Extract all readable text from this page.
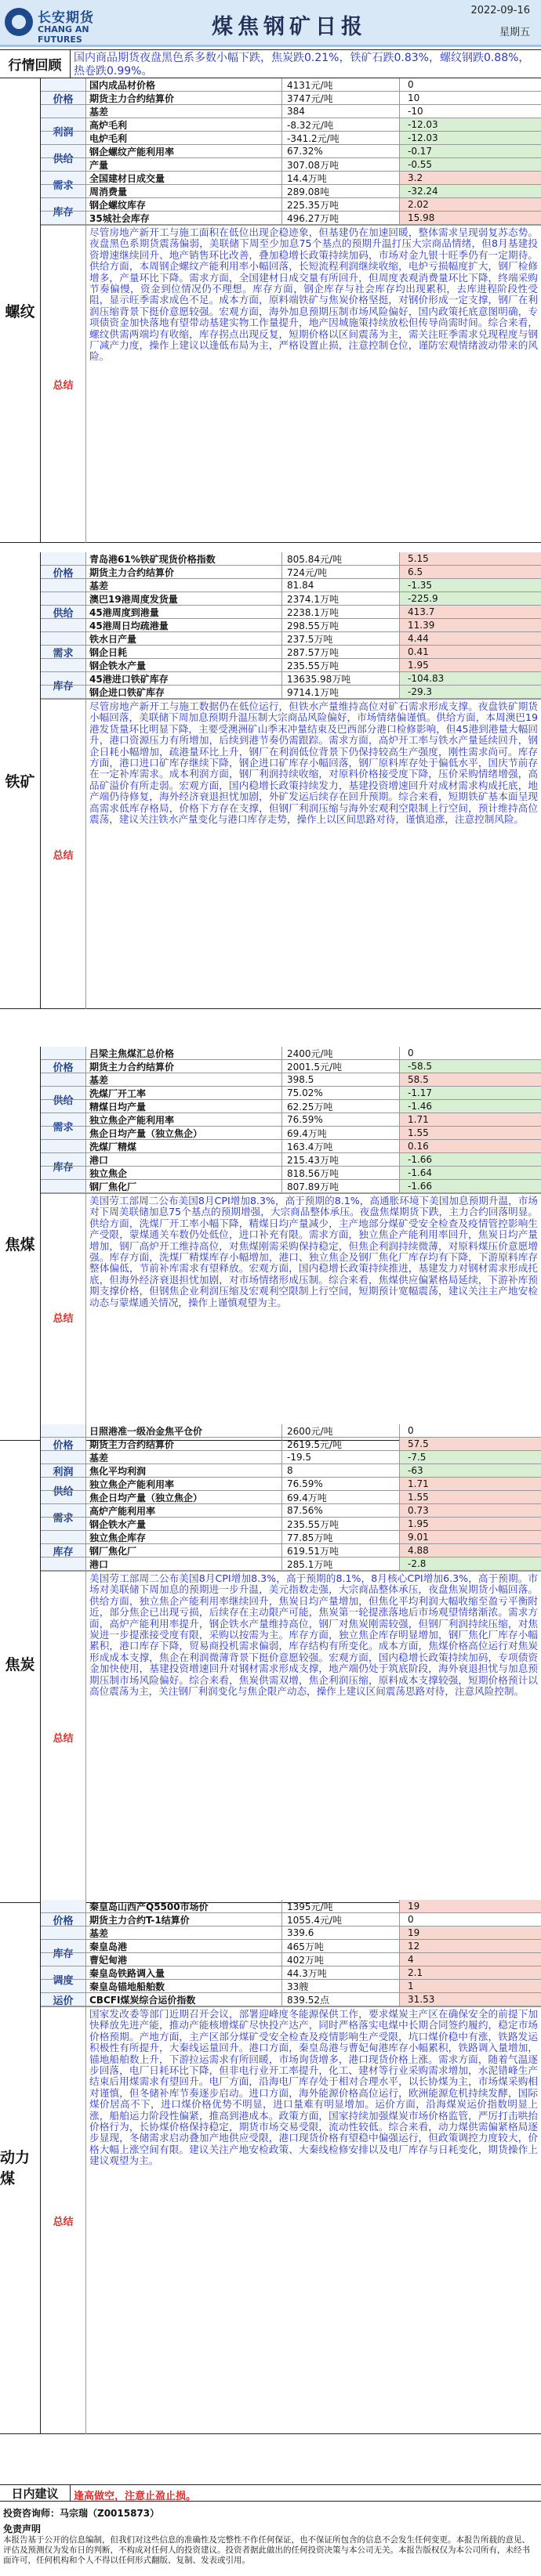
长安期货
CHANG AN FUTURES
煤焦钢矿日报
2022-09-16
星期五
行情回顾	国内商品期货夜盘黑色系多数小幅下跌，焦炭跌0.21%，铁矿石跌0.83%，螺纹钢跌0.88%，热卷跌0.99%。
螺纹
价格
利润
供给
需求
库存
国内成品材价格	4131元/吨	0
期货主力合约结算价	3747元/吨	10
基差	384	-10
高炉毛利	-8.32元/吨	-12.03
电炉毛利	-341.2元/吨	-12.03
钢企螺纹产能利用率	67.32%	-0.17
产量	307.08万吨	-0.55
全国建材日成交量	14.4万吨	3.2
周消费量	289.08吨	-32.24
钢企螺纹库存	225.35万吨	2.02
35城社会库存	496.27万吨	15.98
总结
尽管房地产新开工与施工面积在低位出现企稳迹象，但基建仍在加速回暖，整体需求呈现弱复苏态势。夜盘黑色系期货震荡偏弱，美联储下周至少加息75个基点的预期升温打压大宗商品情绪，但8月基建投资增速继续回升、地产销售环比改善，叠加稳增长政策持续加码，市场对金九银十旺季仍有一定期待。供给方面，本周钢企螺纹产能利用率小幅回落，长短流程利润继续收缩，电炉亏损幅度扩大，钢厂检修增多，产量环比下降。需求方面，全国建材日成交量有所回升，但周度表观消费量环比下降，终端采购节奏偏慢，资金到位情况仍不理想。库存方面，钢企库存与社会库存均出现累积，去库进程阶段性受阻，显示旺季需求成色不足。成本方面，原料端铁矿与焦炭价格坚挺，对钢价形成一定支撑，钢厂在利润压缩背景下挺价意愿较强。宏观方面，海外加息预期压制市场风险偏好，国内政策托底意图明确，专项债资金加快落地有望带动基建实物工作量提升，地产因城施策持续放松但传导尚需时间。综合来看，螺纹供需两端均有收缩，库存拐点出现反复，短期价格以区间震荡为主，需关注旺季需求兑现程度与钢厂减产力度，操作上建议以逢低布局为主，严格设置止损，注意控制仓位，谨防宏观情绪波动带来的风险。
铁矿
价格
供给
需求
库存
青岛港61%铁矿现货价格指数	805.84元/吨	5.15
期货主力合约结算价	724元/吨	6.5
基差	81.84	-1.35
澳巴19港周度发货量	2374.1万吨	-225.9
45港周度到港量	2238.1万吨	413.7
45港周日均疏港量	298.55万吨	11.39
铁水日产量	237.5万吨	4.44
钢企日耗	287.57万吨	0.41
钢企铁水产量	235.55万吨	1.95
45港进口铁矿库存	13635.98万吨	-104.83
钢企进口铁矿库存	9714.1万吨	-29.3
总结
尽管房地产新开工与施工数据仍在低位运行，但铁水产量维持高位对矿石需求形成支撑。夜盘铁矿期货小幅回落，美联储下周加息预期升温压制大宗商品风险偏好，市场情绪偏谨慎。供给方面，本周澳巴19港发货量环比明显下降，主要受澳洲矿山季末冲量结束及巴西部分港口检修影响，但45港到港量大幅回升，港口资源压力有所增加，后续到港节奏仍需跟踪。需求方面，高炉开工率与铁水产量延续回升，钢企日耗小幅增加，疏港量环比上升，钢厂在利润低位背景下仍保持较高生产强度，刚性需求尚可。库存方面，港口进口矿库存继续下降，钢企进口矿库存小幅回落，钢厂原料库存处于偏低水平，国庆节前存在一定补库需求。成本利润方面，钢厂利润持续收缩，对原料价格接受度下降，压价采购情绪增强，高品矿溢价有所走弱。宏观方面，国内稳增长政策持续发力，基建投资增速回升对成材需求构成托底，地产端仍待修复，海外经济衰退担忧加剧，外矿发运后续存在回升预期。综合来看，短期铁矿基本面呈现高需求低库存格局，价格下方存在支撑，但钢厂利润压缩与海外宏观利空限制上行空间，预计维持高位震荡，建议关注铁水产量变化与港口库存走势，操作上以区间思路对待，谨慎追涨，注意控制风险。
焦煤
价格
供给
需求
库存
吕梁主焦煤汇总价格	2400元/吨	0
期货主力合约结算价	2001.5元/吨	-58.5
基差	398.5	58.5
洗煤厂开工率	75.02%	-1.17
精煤日均产量	62.25万吨	-1.46
独立焦企产能利用率	76.59%	1.71
焦企日均产量（独立焦企）	69.4万吨	1.55
洗煤厂精煤	163.4万吨	0.16
港口	215.43万吨	-1.66
独立焦企	818.56万吨	-1.64
钢厂焦化厂	807.89万吨	-1.66
总结
美国劳工部周二公布美国8月CPI增加8.3%，高于预期的8.1%，高通胀环境下美国加息预期升温，市场对下周美联储加息75个基点的预期增强，大宗商品整体承压。夜盘焦煤期货下跌，主力合约回落明显。供给方面，洗煤厂开工率小幅下降，精煤日均产量减少，主产地部分煤矿受安全检查及疫情管控影响生产受限，蒙煤通关车数仍处低位，进口补充有限。需求方面，独立焦企产能利用率回升，焦炭日均产量增加，钢厂高炉开工维持高位，对焦煤刚需采购保持稳定，但焦企利润持续微薄，对原料煤压价意愿增强。库存方面，洗煤厂精煤库存小幅增加，港口、独立焦企及钢厂焦化厂库存均有下降，下游原料库存整体偏低，节前补库需求有望释放。宏观方面，国内稳增长政策持续推进，基建发力对钢材需求形成托底，但海外经济衰退担忧加剧，对市场情绪形成压制。综合来看，焦煤供应偏紧格局延续，下游补库预期支撑价格，但钢焦企业利润压缩及宏观利空限制上行空间，短期预计宽幅震荡，建议关注主产地安检动态与蒙煤通关情况，操作上谨慎观望为主。
焦炭
价格
利润
供给
需求
库存
日照港准一级冶金焦平仓价	2600元/吨	0
期货主力合约结算价	2619.5元/吨	57.5
基差	-19.5	-7.5
焦化平均利润	8	-63
独立焦企产能利用率	76.59%	1.71
焦企日均产量（独立焦企）	69.4万吨	1.55
高炉产能利用率	87.56%	0.73
钢企铁水产量	235.55万吨	1.95
独立焦企库存	77.85万吨	9.01
钢厂焦化厂	619.51万吨	4.88
港口	285.1万吨	-2.8
总结
美国劳工部周二公布美国8月CPI增加8.3%，高于预期的8.1%，8月核心CPI增加6.3%，高于预期。市场对美联储下周加息的预期进一步升温，美元指数走强，大宗商品整体承压，夜盘焦炭期货小幅回落。供给方面，独立焦企产能利用率继续回升，焦炭日均产量增加，但焦化平均利润大幅收缩至盈亏平衡附近，部分焦企已出现亏损，后续存在主动限产可能，焦炭第一轮提涨落地后市场观望情绪渐浓。需求方面，高炉产能利用率提升，钢企铁水产量维持高位，钢厂对焦炭刚需较强，但钢厂利润持续压缩，对焦炭进一步提涨接受度有限，采购以按需为主。库存方面，独立焦企库存明显增加，钢厂焦化厂库存小幅累积，港口库存下降，贸易商投机需求偏弱，库存结构有所变化。成本方面，焦煤价格高位运行对焦炭形成成本支撑，焦企在利润微薄背景下挺价意愿较强。宏观方面，国内稳增长政策持续加码，专项债资金加快使用，基建投资增速回升对钢材需求形成支撑，地产端仍处于筑底阶段，海外衰退担忧与加息预期压制市场风险偏好。综合来看，焦炭供需双增，焦企利润压缩，原料成本支撑较强，短期价格预计以高位震荡为主，关注钢厂利润变化与焦企限产动态，操作上建议区间震荡思路对待，注意风险控制。
动力煤
价格
库存
调度
运价
秦皇岛山西产Q5500市场价	1395元/吨	19
期货主力合约T-1结算价	1055.4元/吨	0
基差	339.6	19
秦皇岛港	465万吨	12
曹妃甸港	402万吨	4
秦皇岛铁路调入量	44.3万吨	2.1
秦皇岛锚地船舶数	33艘	1
CBCFI煤炭综合运价指数	839.52点	31.53
总结
国家发改委等部门近期召开会议，部署迎峰度冬能源保供工作，要求煤炭主产区在确保安全的前提下加快释放先进产能，推动产能核增煤矿尽快投产达产，同时严格落实电煤中长期合同签约履约，稳定市场价格预期。产地方面，主产区部分煤矿受安全检查及疫情影响生产受限，坑口煤价稳中有涨，铁路发运积极性有所提升，大秦线运量回升。港口方面，秦皇岛港与曹妃甸港库存小幅累积，铁路调入量增加，锚地船舶数上升，下游拉运需求有所回暖，市场询货增多，港口现货价格上涨。需求方面，随着气温逐步回落，电厂日耗环比下降，但非电行业开工率提升，化工、建材等行业采购需求增加，水泥错峰生产结束后用煤需求有望回升。电厂方面，沿海电厂库存处于相对合理水平，以长协煤为主，市场煤采购相对谨慎，但冬储补库节奏逐步启动。进口方面，海外能源价格高位运行，欧洲能源危机持续发酵，国际煤价居高不下，进口煤价格优势不明显，进口量难有明显增加。运价方面，沿海煤炭运价指数明显上涨，船舶运力阶段性偏紧，推高到港成本。政策方面，国家持续加强煤炭市场价格监管，严厉打击哄抬价格行为，长协煤价格保持稳定，期货市场交易受限，流动性较低。综合来看，动力煤供需偏紧格局逐步显现，冬储需求启动叠加产地供应受限，港口现货价格有望稳中偏强运行，但政策调控力度较大，价格大幅上涨空间有限。建议关注产地安检政策、大秦线检修安排以及电厂库存与日耗变化，期货操作上建议观望为主。
日内建议	逢高做空，注意止盈止损。
投资咨询师：马宗瑞（Z0015873）
免责声明
本报告基于公开的信息编制，但我们对这些信息的准确性及完整性不作任何保证，也不保证所包含的信息不会发生任何变更。本报告所载的意见、评估及预测仅为发布日的判断，不构成对任何人的投资建议。投资者据此做出的任何投资决策与本公司无关。本报告版权仅为本公司所有，未经书面许可，任何机构和个人不得以任何形式翻版、复制、发表或引用。
